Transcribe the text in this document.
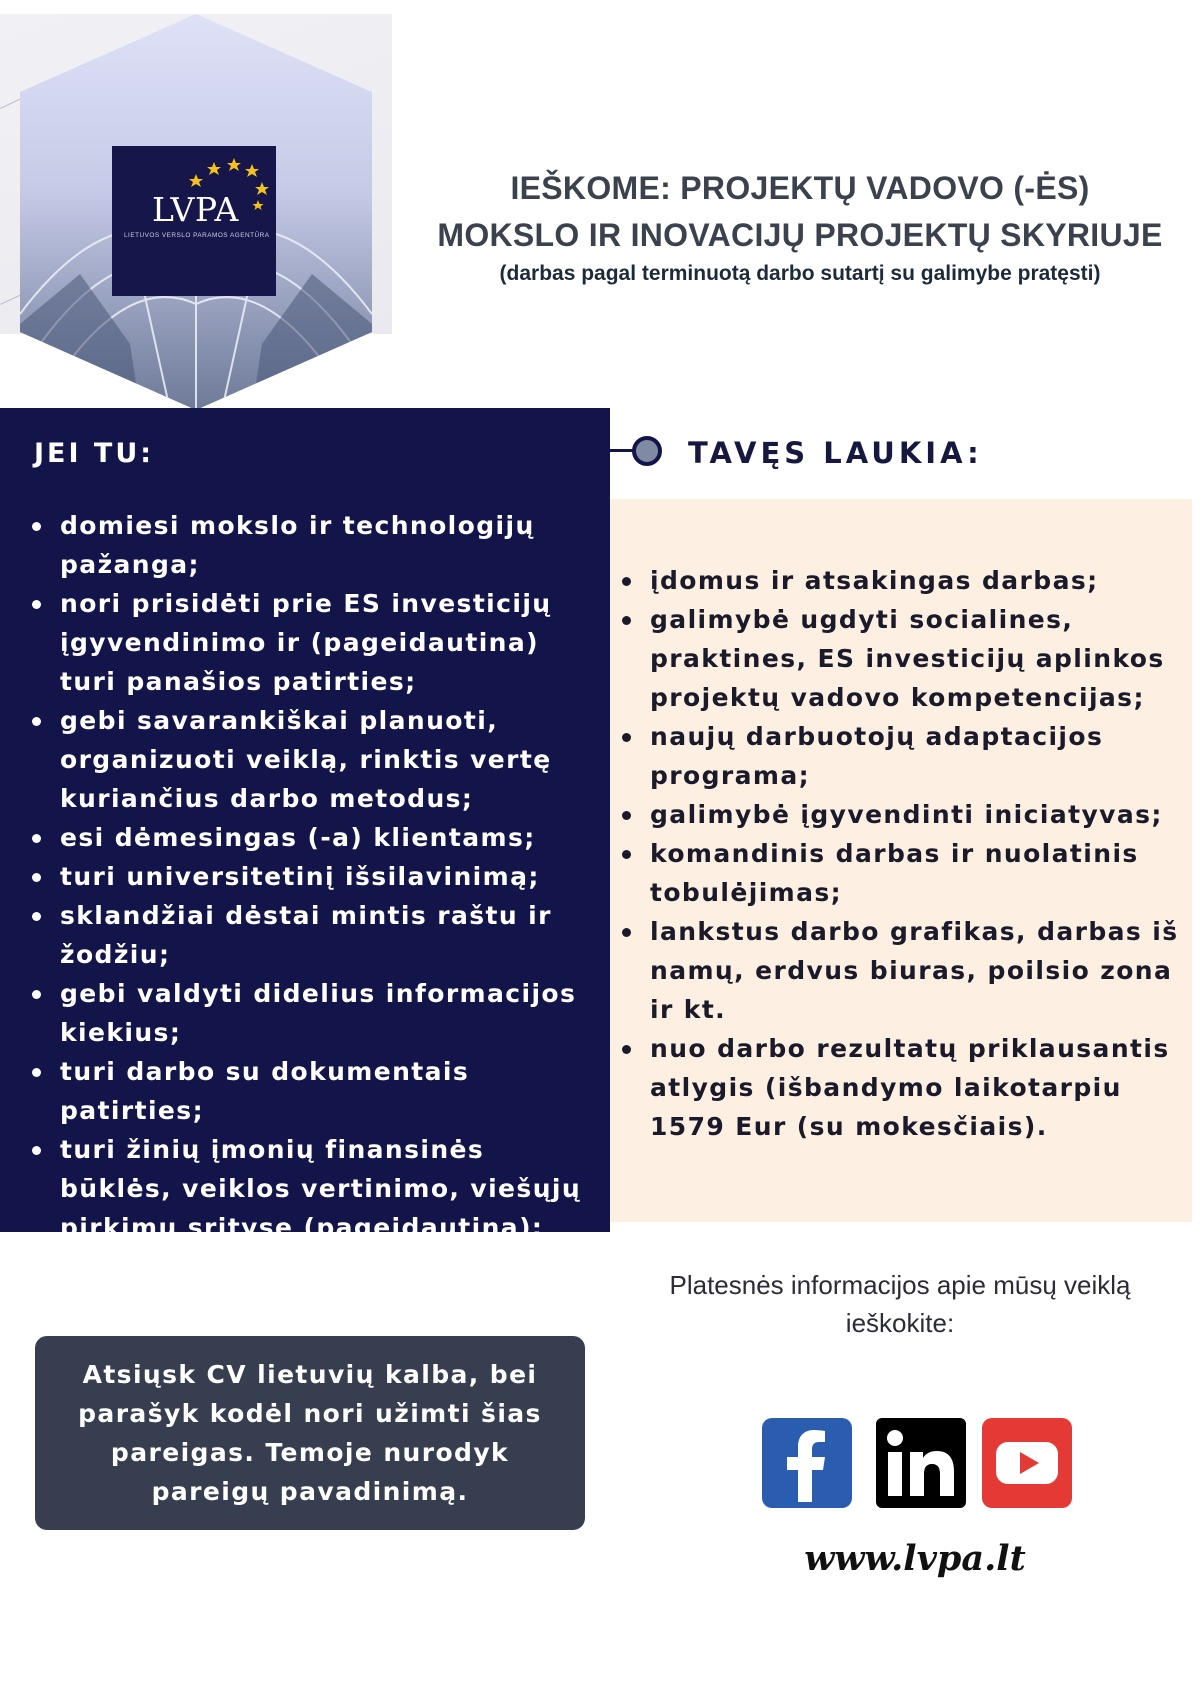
LVPA
LIETUVOS VERSLO PARAMOS AGENTŪRA
IEŠKOME: PROJEKTŲ VADOVO (-ĖS)
MOKSLO IR INOVACIJŲ PROJEKTŲ SKYRIUJE
(darbas pagal terminuotą darbo sutartį su galimybe pratęsti)
JEI TU:
domiesi mokslo ir technologijų pažanga;
nori prisidėti prie ES investicijų įgyvendinimo ir (pageidautina) turi panašios patirties;
gebi savarankiškai planuoti, organizuoti veiklą, rinktis vertę kuriančius darbo metodus;
esi dėmesingas (-a) klientams;
turi universitetinį išsilavinimą;
sklandžiai dėstai mintis raštu ir žodžiu;
gebi valdyti didelius informacijos kiekius;
turi darbo su dokumentais patirties;
turi žinių įmonių finansinės būklės, veiklos vertinimo, viešųjų pirkimų srityse (pageidautina);
TAVĘS LAUKIA:
įdomus ir atsakingas darbas;
galimybė ugdyti socialines, praktines, ES investicijų aplinkos projektų vadovo kompetencijas;
naujų darbuotojų adaptacijos programa;
galimybė įgyvendinti iniciatyvas;
komandinis darbas ir nuolatinis tobulėjimas;
lankstus darbo grafikas, darbas iš namų, erdvus biuras, poilsio zona ir kt.
nuo darbo rezultatų priklausantis atlygis (išbandymo laikotarpiu 1579 Eur (su mokesčiais).
Atsiųsk CV lietuvių kalba, bei parašyk kodėl nori užimti šias pareigas. Temoje nurodyk pareigų pavadinimą.
Platesnės informacijos apie mūsų veiklą ieškokite:
www.lvpa.lt
